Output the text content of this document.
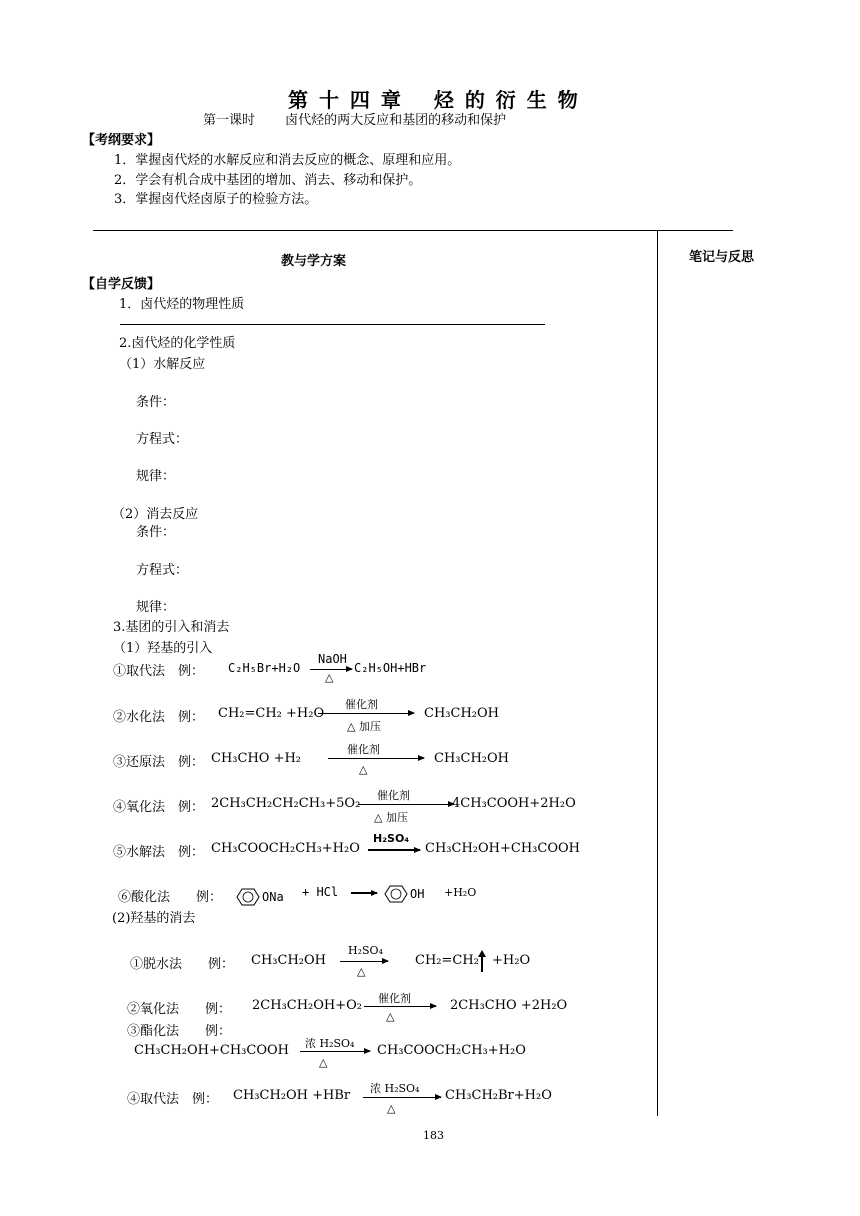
第 十 四 章　 烃 的 衍 生 物
第一课时　　 卤代烃的两大反应和基团的移动和保护
【考纲要求】
1．掌握卤代烃的水解反应和消去反应的概念、原理和应用。
2．学会有机合成中基团的增加、消去、移动和保护。
3．掌握卤代烃卤原子的检验方法。
教与学方案	笔记与反思
【自学反馈】
1．卤代烃的物理性质
2.卤代烃的化学性质
（1）水解反应
条件：
方程式：
规律：
（2）消去反应
条件：
方程式：
规律：
3.基团的引入和消去
（1）羟基的引入
①取代法　例： C₂H₅Br+H₂O
NaOH
△
C₂H₅OH+HBr
②水化法　例： CH₂=CH₂ +H₂O
催化剂
△ 加压
CH₃CH₂OH
③还原法　例： CH₃CHO +H₂
催化剂
△
CH₃CH₂OH
④氧化法　例： 2CH₃CH₂CH₂CH₃+5O₂
催化剂
△ 加压
4CH₃COOH+2H₂O
⑤水解法　例： CH₃COOCH₂CH₃+H₂O
H₂SO₄
→ CH₃CH₂OH+CH₃COOH
⑥酸化法　　例：	ONa + HCl →	OH +H₂O
(2)羟基的消去
①脱水法　　例： CH₃CH₂OH
H₂SO₄
△
CH₂=CH₂ +H₂O
②氧化法　　例： 2CH₃CH₂OH+O₂ 催化剂
△
2CH₃CHO +2H₂O
③酯化法　　例：
CH₃CH₂OH+CH₃COOH 浓 H₂SO₄
△
CH₃COOCH₂CH₃+H₂O
④取代法　例： CH₃CH₂OH +HBr 浓 H₂SO₄
△
CH₃CH₂Br+H₂O
183
